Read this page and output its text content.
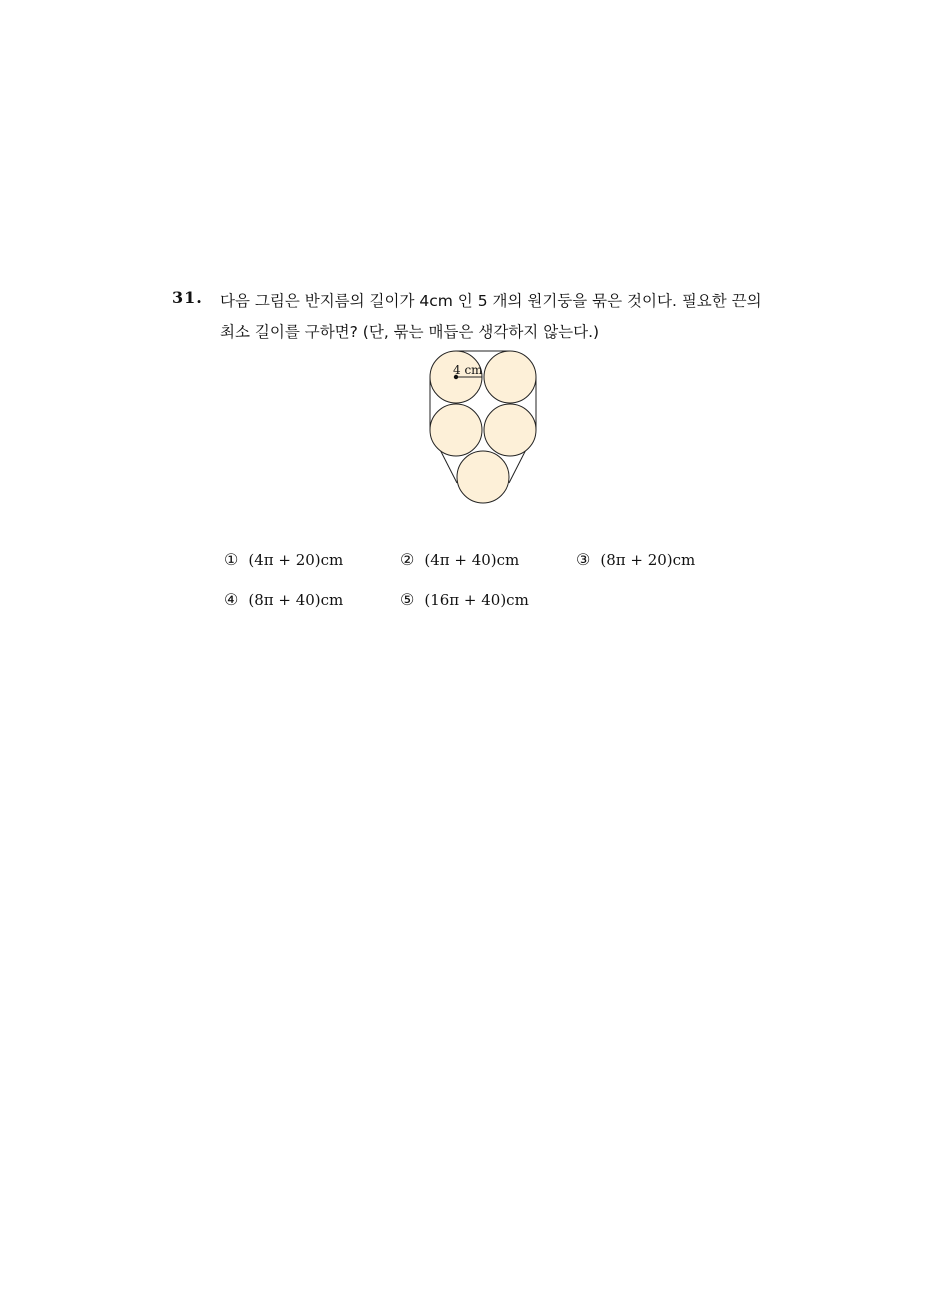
31. 다음 그림은 반지름의 길이가 4cm 인 5 개의 원기둥을 묶은 것이다. 필요한 끈의
최소 길이를 구하면? (단, 묶는 매듭은 생각하지 않는다.)
4 cm
① (4π + 20)cm	② (4π + 40)cm	③ (8π + 20)cm
④ (8π + 40)cm	⑤ (16π + 40)cm
